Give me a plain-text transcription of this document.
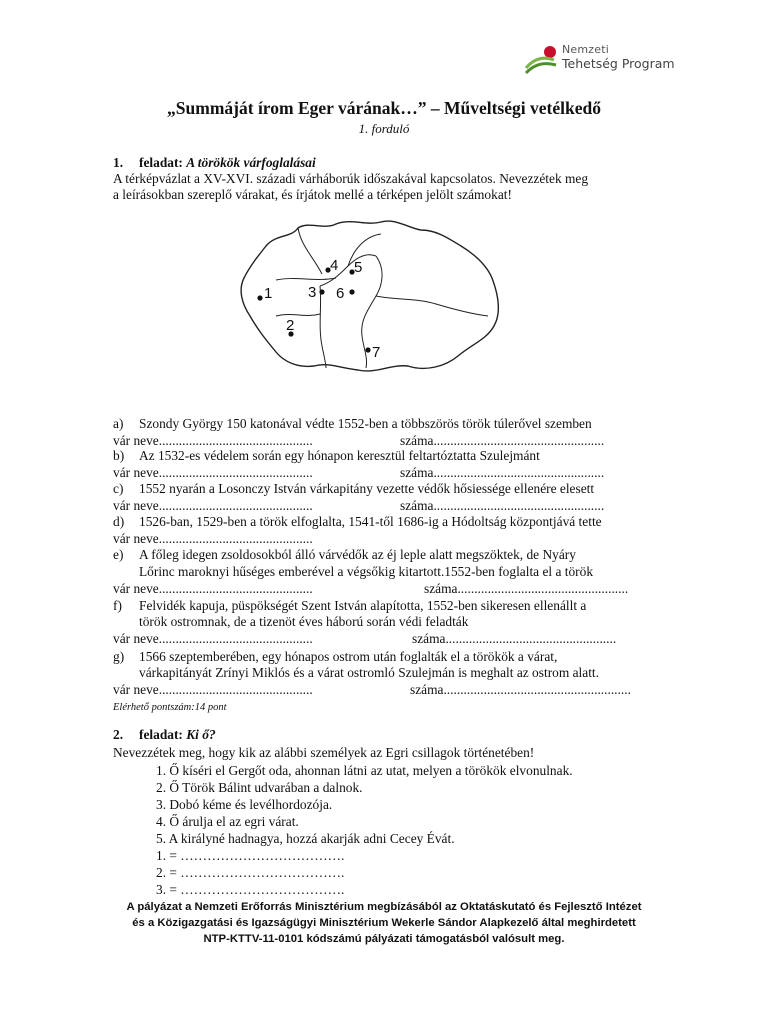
Nemzeti
Tehetség Program
„Summáját írom Eger várának…” – Műveltségi vetélkedő
1. forduló
1. feladat: A törökök várfoglalásai
A térképvázlat a XV-XVI. századi várháborúk időszakával kapcsolatos. Nevezzétek meg
a leírásokban szereplő várakat, és írjátok mellé a térképen jelölt számokat!
1
2
3
4 5
6
7
a) Szondy György 150 katonával védte 1552-ben a többszörös török túlerővel szemben
vár neve..............................................	száma...................................................
b) Az 1532-es védelem során egy hónapon keresztül feltartóztatta Szulejmánt
vár neve..............................................	száma...................................................
c) 1552 nyarán a Losonczy István várkapitány vezette védők hősiessége ellenére elesett
vár neve..............................................	száma...................................................
d) 1526-ban, 1529-ben a török elfoglalta, 1541-től 1686-ig a Hódoltság központjává tette
vár neve..............................................
e) A főleg idegen zsoldosokból álló várvédők az éj leple alatt megszöktek, de Nyáry
Lőrinc maroknyi hűséges emberével a végsőkig kitartott.1552-ben foglalta el a török
vár neve..............................................	száma...................................................
f) Felvidék kapuja, püspökségét Szent István alapította, 1552-ben sikeresen ellenállt a
török ostromnak, de a tizenöt éves háború során védi feladták
vár neve..............................................	száma...................................................
g) 1566 szeptemberében, egy hónapos ostrom után foglalták el a törökök a várat,
várkapitányát Zrínyi Miklós és a várat ostromló Szulejmán is meghalt az ostrom alatt.
vár neve..............................................	száma........................................................
Elérhető pontszám:14 pont
2. feladat: Ki ő?
Nevezzétek meg, hogy kik az alábbi személyek az Egri csillagok történetében!
1. Ő kíséri el Gergőt oda, ahonnan látni az utat, melyen a törökök elvonulnak.
2. Ő Török Bálint udvarában a dalnok.
3. Dobó kéme és levélhordozója.
4. Ő árulja el az egri várat.
5. A királyné hadnagya, hozzá akarják adni Cecey Évát.
1. = ……………………………….
2. = ……………………………….
3. = ……………………………….
A pályázat a Nemzeti Erőforrás Minisztérium megbízásából az Oktatáskutató és Fejlesztő Intézet
és a Közigazgatási és Igazságügyi Minisztérium Wekerle Sándor Alapkezelő által meghirdetett
NTP-KTTV-11-0101 kódszámú pályázati támogatásból valósult meg.
